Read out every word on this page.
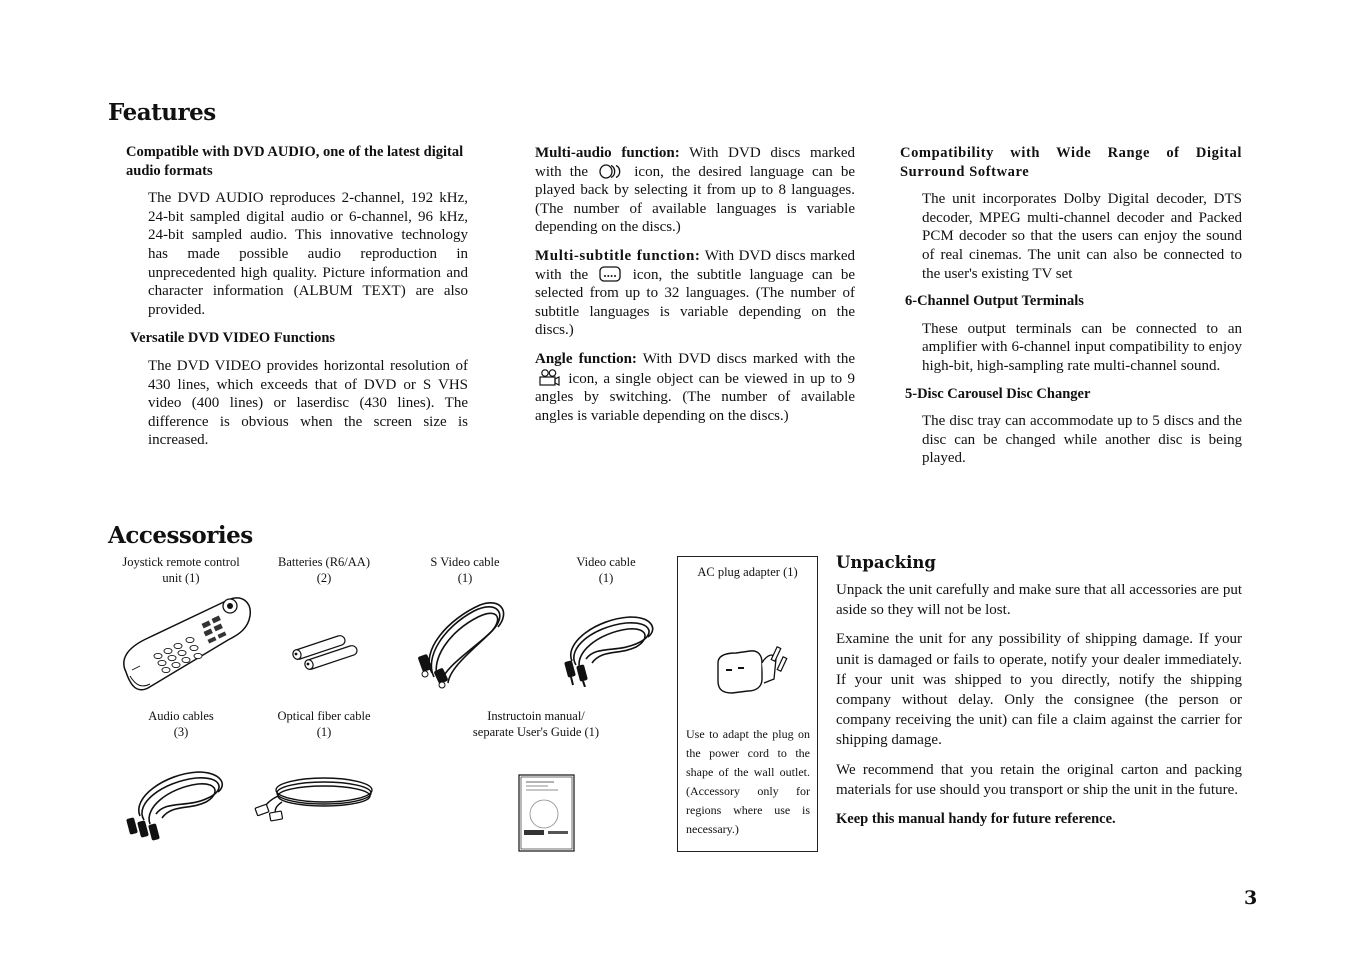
Features
Compatible with DVD AUDIO, one of the latest digital audio formats
The DVD AUDIO reproduces 2-channel, 192 kHz, 24-bit sampled digital audio or 6-channel, 96 kHz, 24-bit sampled audio. This innovative technology has made possible audio reproduction in unprecedented high quality. Picture information and character information (ALBUM TEXT) are also provided.
Versatile DVD VIDEO Functions
The DVD VIDEO provides horizontal resolution of 430 lines, which exceeds that of DVD or S VHS video (400 lines) or laserdisc (430 lines). The difference is obvious when the screen size is increased.
Multi-audio function: With DVD discs marked with the	icon, the desired language can be played back by selecting it from up to 8 languages. (The number of available languages is variable depending on the discs.)
Multi-subtitle function: With DVD discs marked with the	icon, the subtitle language can be selected from up to 32 languages. (The number of subtitle languages is variable depending on the discs.)
Angle function: With DVD discs marked with the  icon, a single object can be viewed in up to 9 angles by switching. (The number of available angles is variable depending on the discs.)
Compatibility with Wide Range of Digital Surround Software
The unit incorporates Dolby Digital decoder, DTS decoder, MPEG multi-channel decoder and Packed PCM decoder so that the users can enjoy the sound of real cinemas. The unit can also be connected to the user's existing TV set
6-Channel Output Terminals
These output terminals can be connected to an amplifier with 6-channel input compatibility to enjoy high-bit, high-sampling rate multi-channel sound.
5-Disc Carousel Disc Changer
The disc tray can accommodate up to 5 discs and the disc can be changed while another disc is being played.
Accessories
Joystick remote control
unit (1)
Batteries (R6/AA)
(2)
S Video cable
(1)
Video cable
(1)
Audio cables
(3)
Optical fiber cable
(1)
Instructoin manual/
separate User's Guide (1)
AC plug adapter (1)
Use to adapt the plug on the power cord to the shape of the wall outlet. (Accessory only for regions where use is necessary.)
Unpacking

Unpack the unit carefully and make sure that all accessories are put aside so they will not be lost.

Examine the unit for any possibility of shipping damage. If your unit is damaged or fails to operate, notify your dealer immediately. If your unit was shipped to you directly, notify the shipping company without delay. Only the consignee (the person or company receiving the unit) can file a claim against the carrier for shipping damage.

We recommend that you retain the original carton and packing materials for use should you transport or ship the unit in the future.

Keep this manual handy for future reference.

3
